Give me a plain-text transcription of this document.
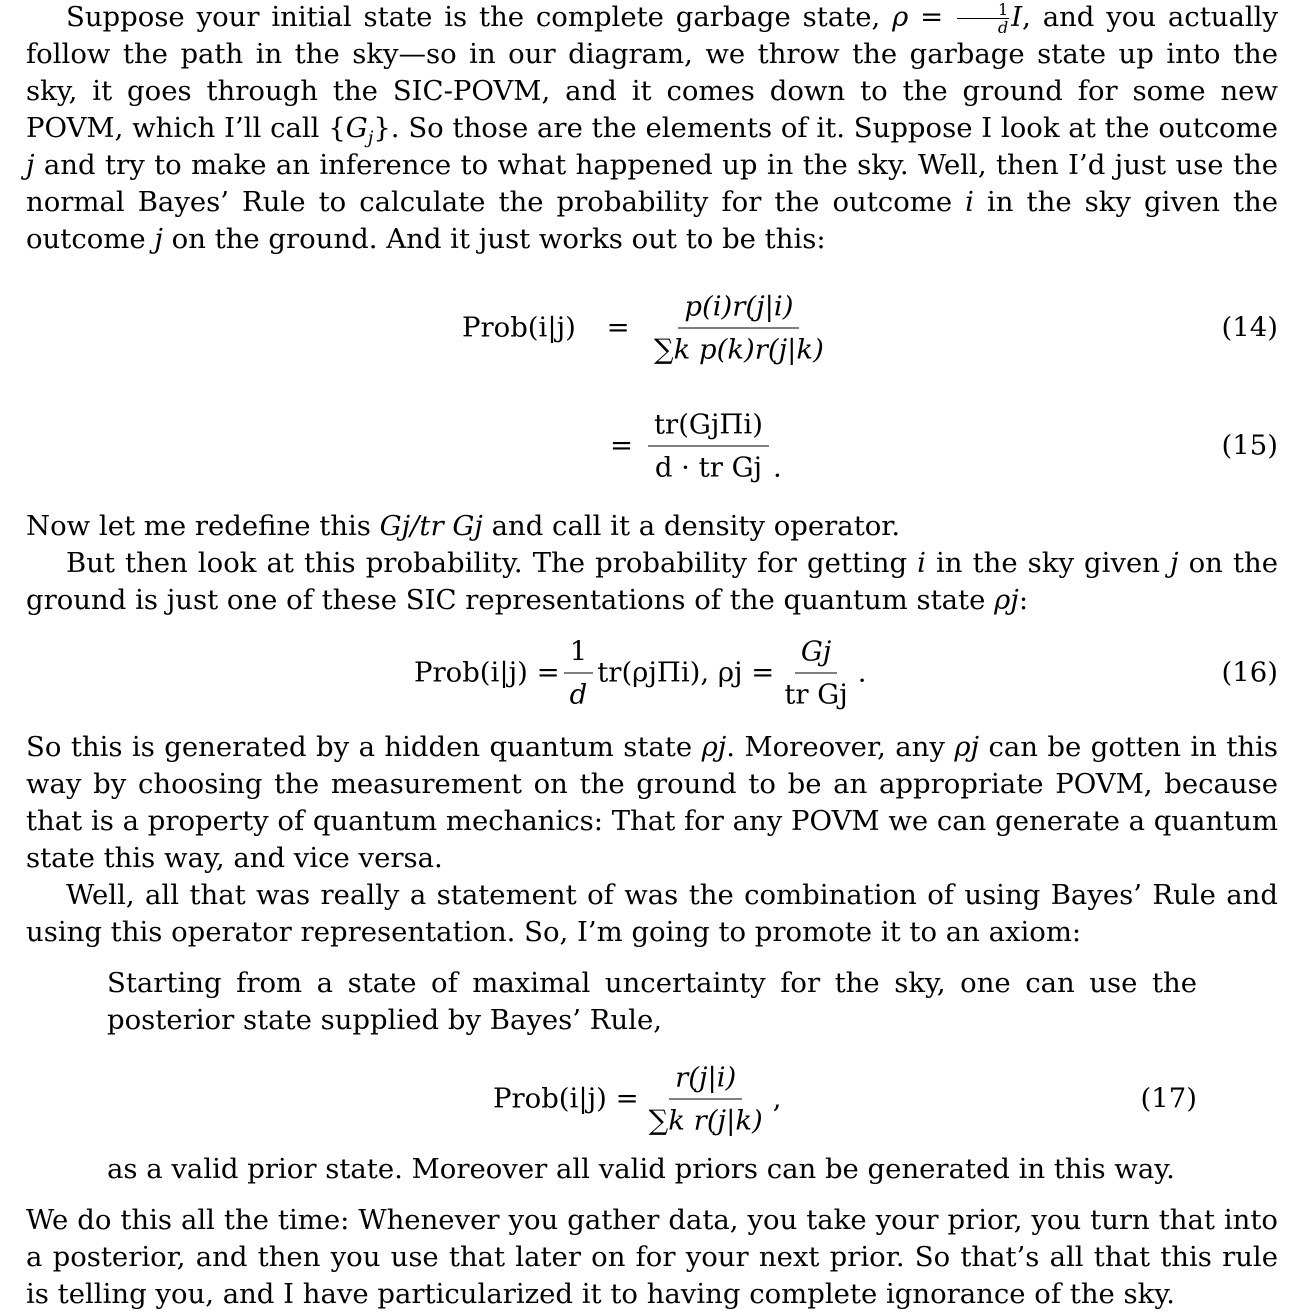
Suppose your initial state is the complete garbage state, $\rho = \frac{1}{d} I$, and you actually follow the path in the sky—so in our diagram, we throw the garbage state up into the sky, it goes through the SIC-POVM, and it comes down to the ground for some new POVM, which I’ll call $\{G_j\}$. So those are the elements of it. Suppose I look at the outcome j and try to make an inference to what happened up in the sky. Well, then I’d just use the normal Bayes’ Rule to calculate the probability for the outcome i in the sky given the outcome j on the ground. And it just works out to be this:

Prob(i|j) = $\frac{p(i)r(j|i)}{\text{∑k p(k)r(j|k)}}$	(14)
= $\frac{\text{tr(GjΠi)}}{\text{d · tr Gj}}$ .
(15)

Now let me redefine this Gj/tr Gj and call it a density operator.

But then look at this probability. The probability for getting i in the sky given j on the ground is just one of these SIC representations of the quantum state ρj:

Prob(i|j) = $\frac{1}{d} tr(\rho j\Pi i)$, $\rho j = \frac{Gj}{\text{tr Gj}}$ .	(16)

So this is generated by a hidden quantum state ρj. Moreover, any ρj can be gotten in this way by choosing the measurement on the ground to be an appropriate POVM, because that is a property of quantum mechanics: That for any POVM we can generate a quantum state this way, and vice versa.

Well, all that was really a statement of was the combination of using Bayes’ Rule and using this operator representation. So, I’m going to promote it to an axiom:

Starting from a state of maximal uncertainty for the sky, one can use the posterior state supplied by Bayes’ Rule,

Prob(i|j) = $\frac{r(j|i)}{\text{∑k r(j|k)}}$ ,	(17)

as a valid prior state. Moreover all valid priors can be generated in this way.

We do this all the time: Whenever you gather data, you take your prior, you turn that into a posterior, and then you use that later on for your next prior. So that’s all that this rule is telling you, and I have particularized it to having complete ignorance of the sky.
